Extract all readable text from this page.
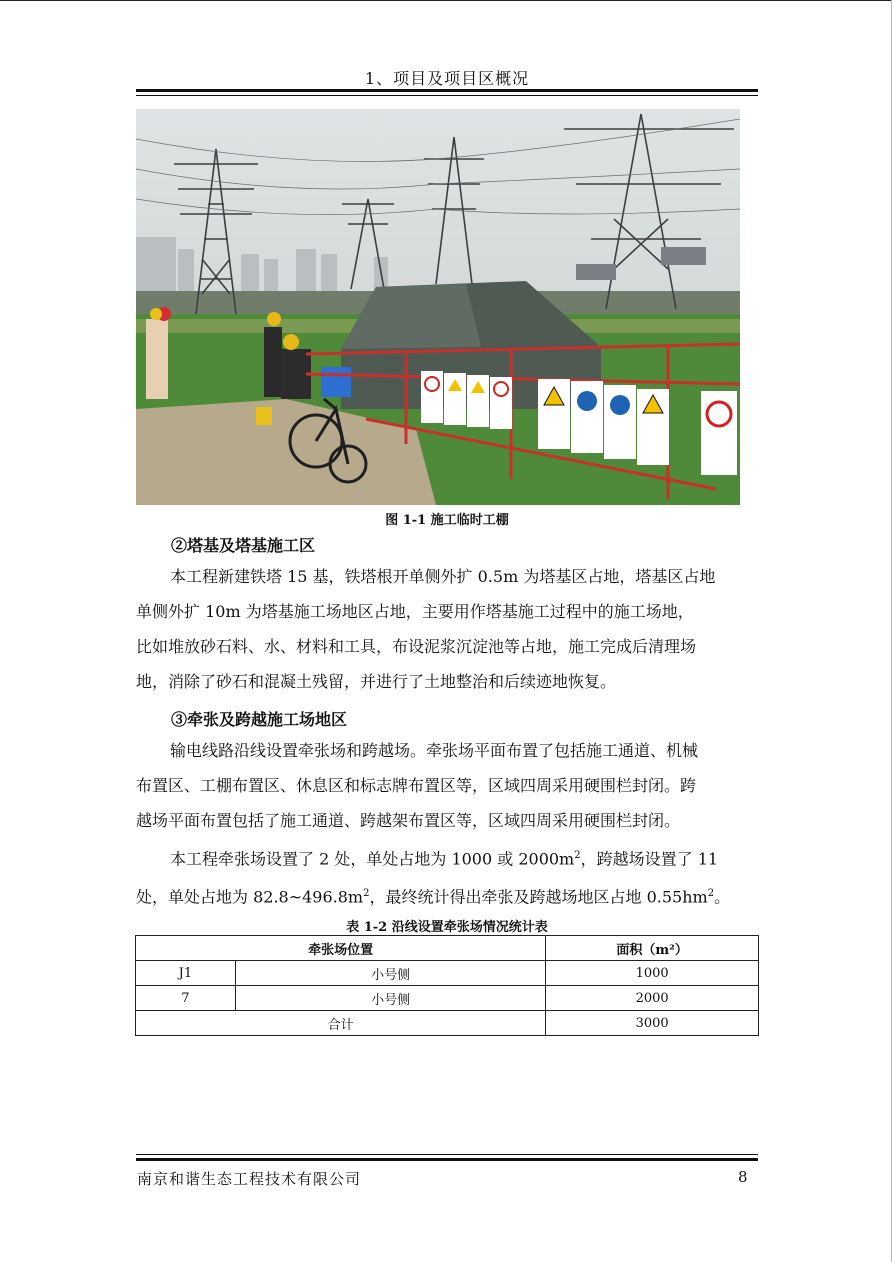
1、项目及项目区概况
图 1-1 施工临时工棚
②塔基及塔基施工区
本工程新建铁塔 15 基，铁塔根开单侧外扩 0.5m 为塔基区占地，塔基区占地
单侧外扩 10m 为塔基施工场地区占地，主要用作塔基施工过程中的施工场地，
比如堆放砂石料、水、材料和工具，布设泥浆沉淀池等占地，施工完成后清理场
地，消除了砂石和混凝土残留，并进行了土地整治和后续迹地恢复。
③牵张及跨越施工场地区
输电线路沿线设置牵张场和跨越场。牵张场平面布置了包括施工通道、机械
布置区、工棚布置区、休息区和标志牌布置区等，区域四周采用硬围栏封闭。跨
越场平面布置包括了施工通道、跨越架布置区等，区域四周采用硬围栏封闭。
本工程牵张场设置了 2 处，单处占地为 1000 或 $2000m^2$，跨越场设置了 11
处，单处占地为 $82.8\sim 496.8m^2$，最终统计得出牵张及跨越场地区占地 $0.55hm^2$。
表 1-2 沿线设置牵张场情况统计表
牵张场位置		面积（m²）
J1	小号侧	1000
7	小号侧	2000
合计		3000
南京和谐生态工程技术有限公司	8
